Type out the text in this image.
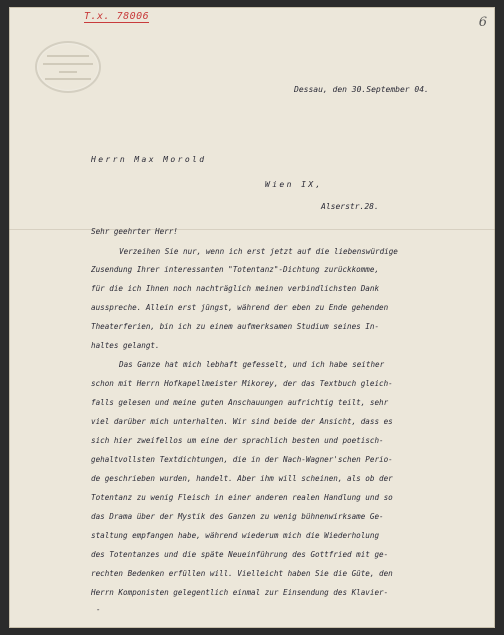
T.x. 78006	6
Dessau, den 30.September 04.
Herrn Max Morold
Wien IX,
Alserstr.28.
Sehr geehrter Herr!
Verzeihen Sie nur, wenn ich erst jetzt auf die liebenswürdige
Zusendung Ihrer interessanten "Totentanz"-Dichtung zurückkomme,
für die ich Ihnen noch nachträglich meinen verbindlichsten Dank
ausspreche. Allein erst jüngst, während der eben zu Ende gehenden
Theaterferien, bin ich zu einem aufmerksamen Studium seines In-
haltes gelangt.
Das Ganze hat mich lebhaft gefesselt, und ich habe seither
schon mit Herrn Hofkapellmeister Mikorey, der das Textbuch gleich-
falls gelesen und meine guten Anschauungen aufrichtig teilt, sehr
viel darüber mich unterhalten. Wir sind beide der Ansicht, dass es
sich hier zweifellos um eine der sprachlich besten und poetisch-
gehaltvollsten Textdichtungen, die in der Nach-Wagner'schen Perio-
de geschrieben wurden, handelt. Aber ihm will scheinen, als ob der
Totentanz zu wenig Fleisch in einer anderen realen Handlung und so
das Drama über der Mystik des Ganzen zu wenig bühnenwirksame Ge-
staltung empfangen habe, während wiederum mich die Wiederholung
des Totentanzes und die späte Neueinführung des Gottfried mit ge-
rechten Bedenken erfüllen will. Vielleicht haben Sie die Güte, den
Herrn Komponisten gelegentlich einmal zur Einsendung des Klavier-
-
